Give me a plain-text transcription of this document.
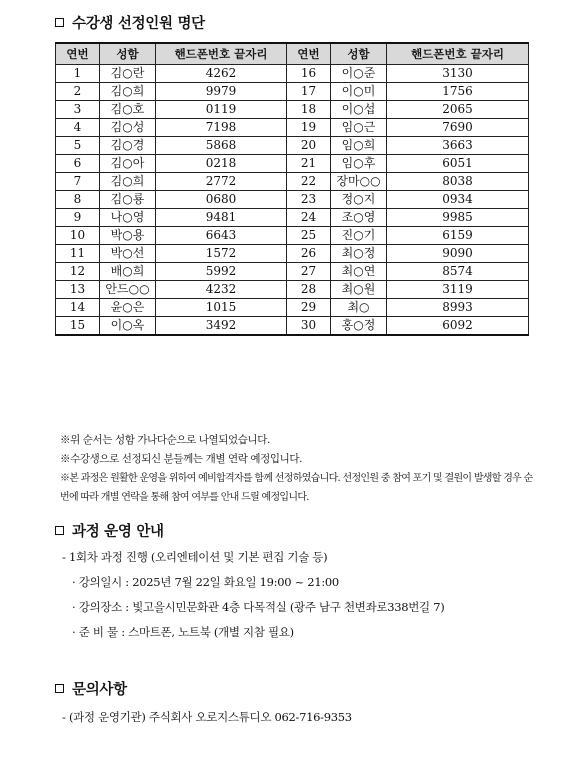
수강생 선정인원 명단
연번	성함	핸드폰번호 끝자리	연번	성함	핸드폰번호 끝자리
1	김○란	4262	16	이○준	3130
2	김○희	9979	17	이○미	1756
3	김○호	0119	18	이○섭	2065
4	김○성	7198	19	임○근	7690
5	김○경	5868	20	임○희	3663
6	김○아	0218	21	임○후	6051
7	김○희	2772	22	장마○○	8038
8	김○룡	0680	23	정○지	0934
9	나○영	9481	24	조○영	9985
10	박○용	6643	25	진○기	6159
11	박○선	1572	26	최○정	9090
12	배○희	5992	27	최○연	8574
13	안드○○	4232	28	최○원	3119
14	윤○은	1015	29	최○	8993
15	이○옥	3492	30	홍○정	6092
※위 순서는 성함 가나다순으로 나열되었습니다.
※수강생으로 선정되신 분들께는 개별 연락 예정입니다.
※본 과정은 원활한 운영을 위하여 예비합격자를 함께 선정하였습니다. 선정인원 중 참여 포기 및 결원이 발생할 경우 순번에 따라 개별 연락을 통해 참여 여부를 안내 드릴 예정입니다.
과정 운영 안내
- 1회차 과정 진행 (오리엔테이션 및 기본 편집 기술 등)
· 강의일시 : 2025년 7월 22일 화요일 19:00 ~ 21:00
· 강의장소 : 빛고을시민문화관 4층 다목적실 (광주 남구 천변좌로338번길 7)
· 준 비 물 : 스마트폰, 노트북 (개별 지참 필요)
문의사항
- (과정 운영기관) 주식회사 오로지스튜디오 062-716-9353
